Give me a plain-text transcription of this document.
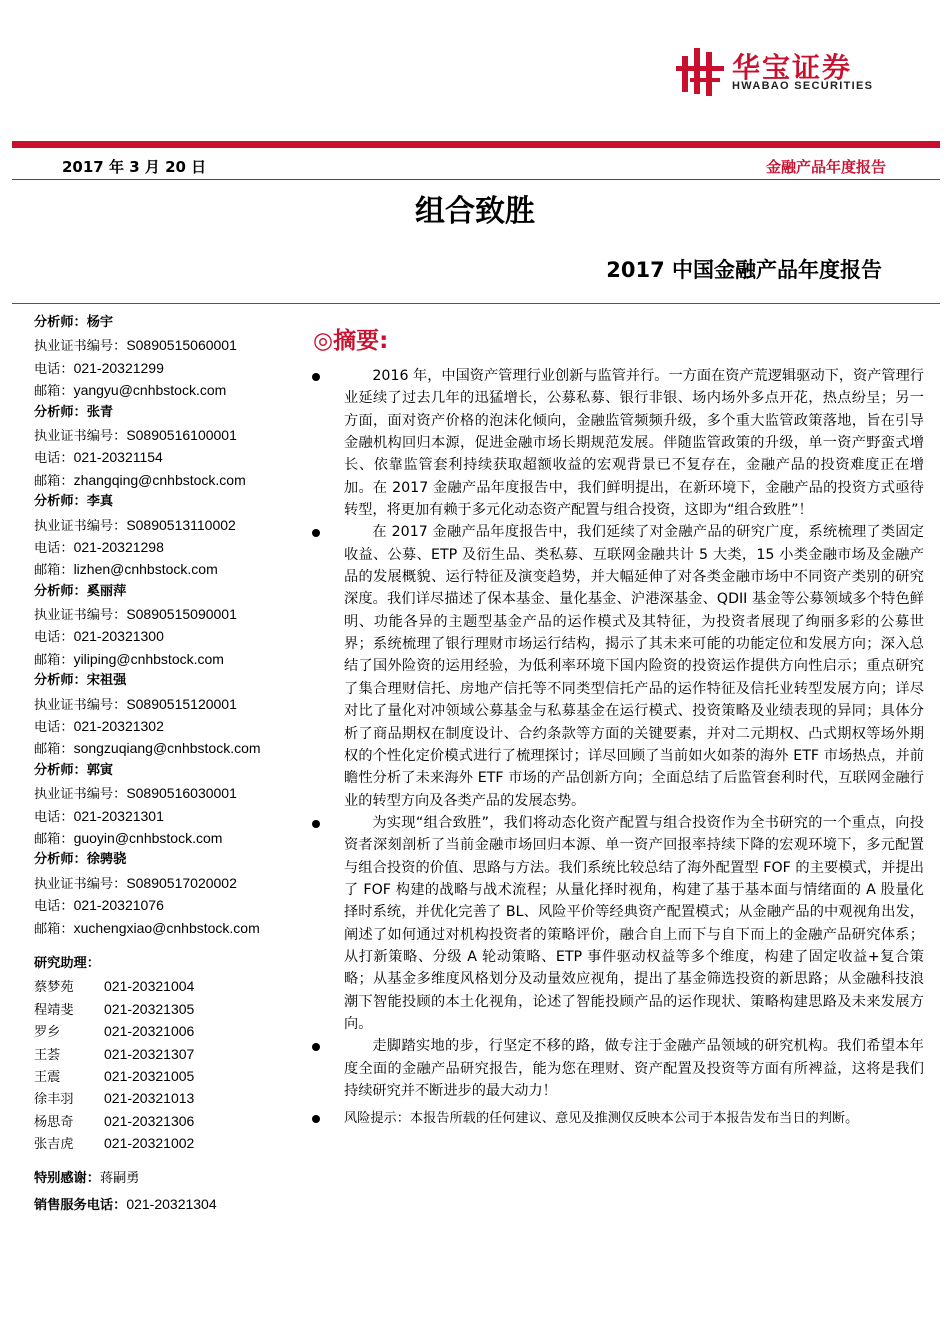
华宝证券
HWABAO SECURITIES
2017 年 3 月 20 日	金融产品年度报告
组合致胜
2017 中国金融产品年度报告
分析师：杨宇
执业证书编号：S0890515060001
电话：021-20321299
邮箱：yangyu@cnhbstock.com
分析师：张青
执业证书编号：S0890516100001
电话：021-20321154
邮箱：zhangqing@cnhbstock.com
分析师：李真
执业证书编号：S0890513110002
电话：021-20321298
邮箱：lizhen@cnhbstock.com
分析师：奚丽萍
执业证书编号：S0890515090001
电话：021-20321300
邮箱：yiliping@cnhbstock.com
分析师：宋祖强
执业证书编号：S0890515120001
电话：021-20321302
邮箱：songzuqiang@cnhbstock.com
分析师：郭寅
执业证书编号：S0890516030001
电话：021-20321301
邮箱：guoyin@cnhbstock.com
分析师：徐骋骁
执业证书编号：S0890517020002
电话：021-20321076
邮箱：xuchengxiao@cnhbstock.com
研究助理：
蔡梦苑 021-20321004
程靖斐 021-20321305
罗乡	021-20321006
王荟	021-20321307
王震	021-20321005
徐丰羽 021-20321013
杨思奇 021-20321306
张吉虎 021-20321002
特别感谢：蒋嗣勇
销售服务电话：021-20321304
◎摘要:
2016 年，中国资产管理行业创新与监管并行。一方面在资产荒逻辑驱动下，资产管理行业延续了过去几年的迅猛增长，公募私募、银行非银、场内场外多点开花，热点纷呈；另一方面，面对资产价格的泡沫化倾向，金融监管频频升级，多个重大监管政策落地，旨在引导金融机构回归本源，促进金融市场长期规范发展。伴随监管政策的升级，单一资产野蛮式增长、依靠监管套利持续获取超额收益的宏观背景已不复存在，金融产品的投资难度正在增加。在 2017 金融产品年度报告中，我们鲜明提出，在新环境下，金融产品的投资方式亟待转型，将更加有赖于多元化动态资产配置与组合投资，这即为“组合致胜”！
在 2017 金融产品年度报告中，我们延续了对金融产品的研究广度，系统梳理了类固定收益、公募、ETP 及衍生品、类私募、互联网金融共计 5 大类，15 小类金融市场及金融产品的发展概貌、运行特征及演变趋势，并大幅延伸了对各类金融市场中不同资产类别的研究深度。我们详尽描述了保本基金、量化基金、沪港深基金、QDII 基金等公募领域多个特色鲜明、功能各异的主题型基金产品的运作模式及其特征，为投资者展现了绚丽多彩的公募世界；系统梳理了银行理财市场运行结构，揭示了其未来可能的功能定位和发展方向；深入总结了国外险资的运用经验，为低利率环境下国内险资的投资运作提供方向性启示；重点研究了集合理财信托、房地产信托等不同类型信托产品的运作特征及信托业转型发展方向；详尽对比了量化对冲领域公募基金与私募基金在运行模式、投资策略及业绩表现的异同；具体分析了商品期权在制度设计、合约条款等方面的关键要素，并对二元期权、凸式期权等场外期权的个性化定价模式进行了梳理探讨；详尽回顾了当前如火如荼的海外 ETF 市场热点，并前瞻性分析了未来海外 ETF 市场的产品创新方向；全面总结了后监管套利时代，互联网金融行业的转型方向及各类产品的发展态势。
为实现“组合致胜”，我们将动态化资产配置与组合投资作为全书研究的一个重点，向投资者深刻剖析了当前金融市场回归本源、单一资产回报率持续下降的宏观环境下，多元配置与组合投资的价值、思路与方法。我们系统比较总结了海外配置型 FOF 的主要模式，并提出了 FOF 构建的战略与战术流程；从量化择时视角，构建了基于基本面与情绪面的 A 股量化择时系统，并优化完善了 BL、风险平价等经典资产配置模式；从金融产品的中观视角出发，阐述了如何通过对机构投资者的策略评价，融合自上而下与自下而上的金融产品研究体系；从打新策略、分级 A 轮动策略、ETP 事件驱动权益等多个维度，构建了固定收益+复合策略；从基金多维度风格划分及动量效应视角，提出了基金筛选投资的新思路；从金融科技浪潮下智能投顾的本土化视角，论述了智能投顾产品的运作现状、策略构建思路及未来发展方向。
走脚踏实地的步，行坚定不移的路，做专注于金融产品领域的研究机构。我们希望本年度全面的金融产品研究报告，能为您在理财、资产配置及投资等方面有所裨益，这将是我们持续研究并不断进步的最大动力！
风险提示：本报告所载的任何建议、意见及推测仅反映本公司于本报告发布当日的判断。
